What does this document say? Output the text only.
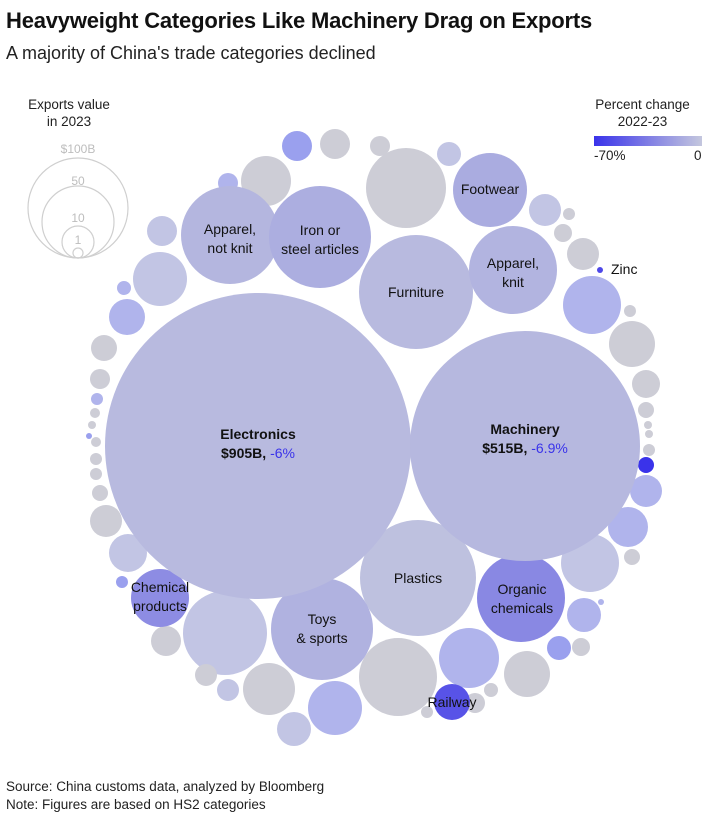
Heavyweight Categories Like Machinery Drag on Exports
A majority of China's trade categories declined
Exports value
in 2023
Percent change
2022-23
-70%	0
$100B
50
10
1
Furniture
Plastics
Toys
& sports
Organic
chemicals
Apparel,
not knit
Iron or
steel articles
Apparel,
knit
Footwear
Chemical
products
Railway
Zinc
Electronics
$905B, -6%
Machinery
$515B, -6.9%
Source: China customs data, analyzed by Bloomberg
Note: Figures are based on HS2 categories
